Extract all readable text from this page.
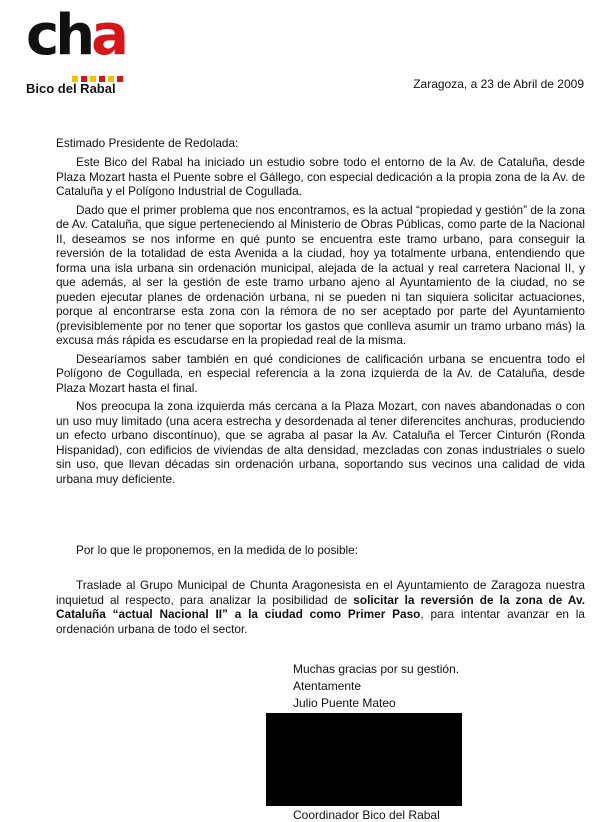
cha
Bico del Rabal	Zaragoza, a 23 de Abril de 2009
Estimado Presidente de Redolada:

Este Bico del Rabal ha iniciado un estudio sobre todo el entorno de la Av. de Cataluña, desde Plaza Mozart hasta el Puente sobre el Gállego, con especial dedicación a la propia zona de la Av. de Cataluña y el Polígono Industrial de Cogullada.

Dado que el primer problema que nos encontramos, es la actual “propiedad y gestión” de la zona de Av. Cataluña, que sigue perteneciendo al Ministerio de Obras Públicas, como parte de la Nacional II, deseamos se nos informe en qué punto se encuentra este tramo urbano, para conseguir la reversión de la totalidad de esta Avenida a la ciudad, hoy ya totalmente urbana, entendiendo que forma una isla urbana sin ordenación municipal, alejada de la actual y real carretera Nacional II, y que además, al ser la gestión de este tramo urbano ajeno al Ayuntamiento de la ciudad, no se pueden ejecutar planes de ordenación urbana, ni se pueden ni tan siquiera solicitar actuaciones, porque al encontrarse esta zona con la rémora de no ser aceptado por parte del Ayuntamiento (previsiblemente por no tener que soportar los gastos que conlleva asumir un tramo urbano más) la excusa más rápida es escudarse en la propiedad real de la misma.

Desearíamos saber también en qué condiciones de calificación urbana se encuentra todo el Polígono de Cogullada, en especial referencia a la zona izquierda de la Av. de Cataluña, desde Plaza Mozart hasta el final.

Nos preocupa la zona izquierda más cercana a la Plaza Mozart, con naves abandonadas o con un uso muy limitado (una acera estrecha y desordenada al tener diferencites anchuras, produciendo un efecto urbano discontínuo), que se agraba al pasar la Av. Cataluña el Tercer Cinturón (Ronda Hispanidad), con edificios de viviendas de alta densidad, mezcladas con zonas industriales o suelo sin uso, que llevan décadas sin ordenación urbana, soportando sus vecinos una calidad de vida urbana muy deficiente.

Por lo que le proponemos, en la medida de lo posible:

Traslade al Grupo Municipal de Chunta Aragonesista en el Ayuntamiento de Zaragoza nuestra inquietud al respecto, para analizar la posibilidad de solicitar la reversión de la zona de Av. Cataluña “actual Nacional II” a la ciudad como Primer Paso, para intentar avanzar en la ordenación urbana de todo el sector.

Muchas gracias por su gestión.
Atentamente
Julio Puente Mateo
Coordinador Bico del Rabal
